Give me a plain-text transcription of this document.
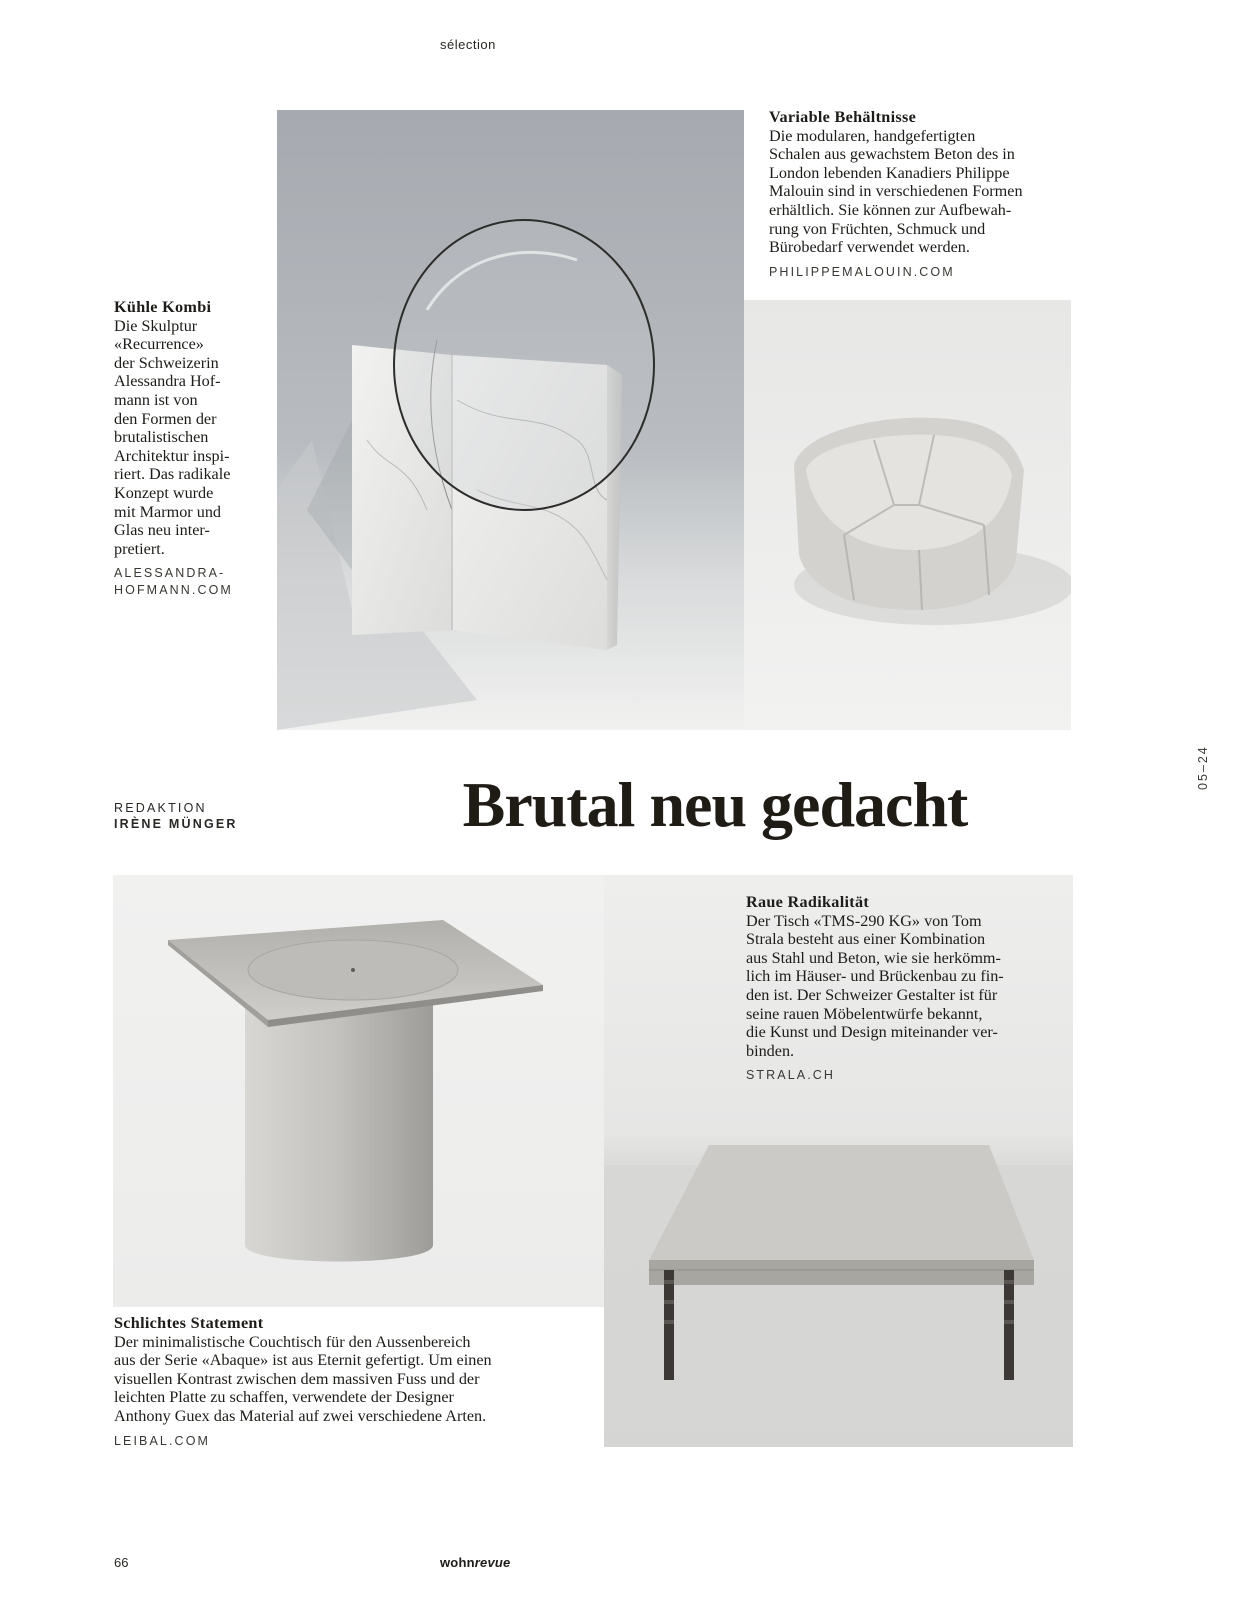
sélection
Kühle Kombi
Die Skulptur
«Recurrence»
der Schweizerin
Alessandra Hof-
mann ist von
den Formen der
brutalistischen
Architektur inspi-
riert. Das radikale
Konzept wurde
mit Marmor und
Glas neu inter-
pretiert.
ALESSANDRA-
HOFMANN.COM
Variable Behältnisse
Die modularen, handgefertigten
Schalen aus gewachstem Beton des in
London lebenden Kanadiers Philippe
Malouin sind in verschiedenen Formen
erhältlich. Sie können zur Aufbewah-
rung von Früchten, Schmuck und
Bürobedarf verwendet werden.
PHILIPPEMALOUIN.COM
REDAKTION
IRÈNE MÜNGER	Brutal neu gedacht
05–24
Raue Radikalität
Der Tisch «TMS-290 KG» von Tom
Strala besteht aus einer Kombination
aus Stahl und Beton, wie sie herkömm-
lich im Häuser- und Brückenbau zu fin-
den ist. Der Schweizer Gestalter ist für
seine rauen Möbelentwürfe bekannt,
die Kunst und Design miteinander ver-
binden.
STRALA.CH
Schlichtes Statement
Der minimalistische Couchtisch für den Aussenbereich
aus der Serie «Abaque» ist aus Eternit gefertigt. Um einen
visuellen Kontrast zwischen dem massiven Fuss und der
leichten Platte zu schaffen, verwendete der Designer
Anthony Guex das Material auf zwei verschiedene Arten.
LEIBAL.COM
66	wohnrevue
